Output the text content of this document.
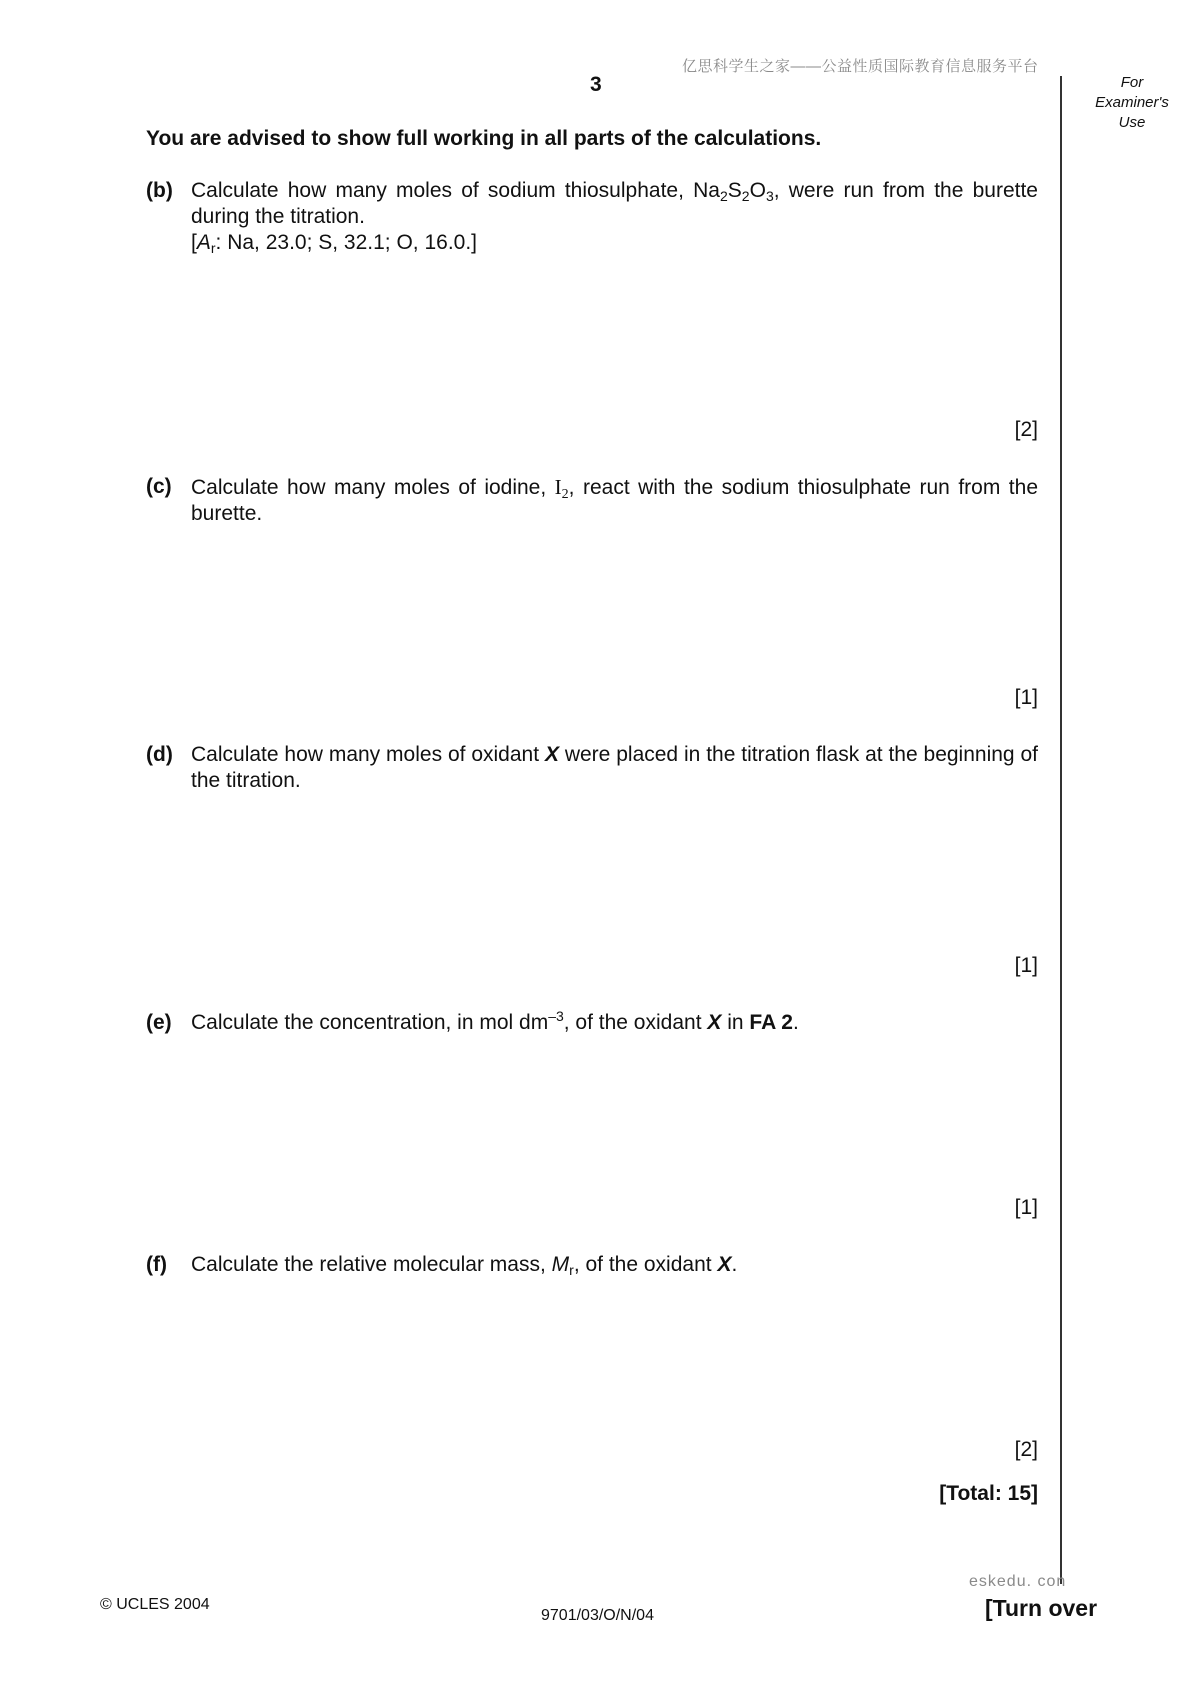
亿思科学生之家——公益性质国际教育信息服务平台
3	For
Examiner's
Use
You are advised to show full working in all parts of the calculations.
(b) Calculate how many moles of sodium thiosulphate, $Na_2S_2O_3$, were run from the burette during the titration.
[$A_r$: Na, 23.0; S, 32.1; O, 16.0.]
[2]
(c) Calculate how many moles of iodine, $I_2$, react with the sodium thiosulphate run from the burette.
[1]
(d) Calculate how many moles of oxidant X were placed in the titration flask at the beginning of the titration.
[1]
(e) Calculate the concentration, in mol $dm^{-3}$, of the oxidant X in FA 2.
[1]
(f) Calculate the relative molecular mass, $M_r$, of the oxidant X.
[2]
[Total: 15]
eskedu. con
© UCLES 2004
9701/03/O/N/04	[Turn over
